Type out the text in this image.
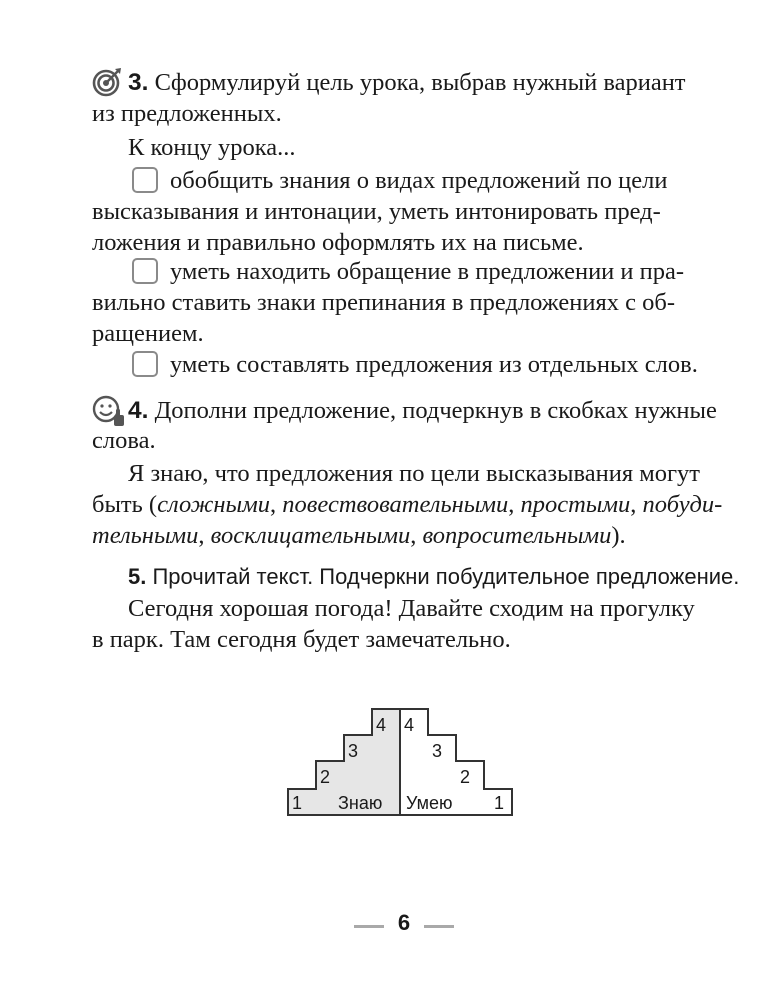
3. Сформулируй цель урока, выбрав нужный вариант

из предложенных.

К концу урока...

обобщить знания о видах предложений по цели

высказывания и интонации, уметь интонировать пред-

ложения и правильно оформлять их на письме.

уметь находить обращение в предложении и пра-

вильно ставить знаки препинания в предложениях с об-

ращением.

уметь составлять предложения из отдельных слов.

4. Дополни предложение, подчеркнув в скобках нужные

слова.

Я знаю, что предложения по цели высказывания могут

быть (сложными, повествовательными, простыми, побуди-

тельными, восклицательными, вопросительными).

5. Прочитай текст. Подчеркни побудительное предложение.

Сегодня хорошая погода! Давайте сходим на прогулку

в парк. Там сегодня будет замечательно.

1
2
3
4
Знаю
4
3
2
1
Умею
6
